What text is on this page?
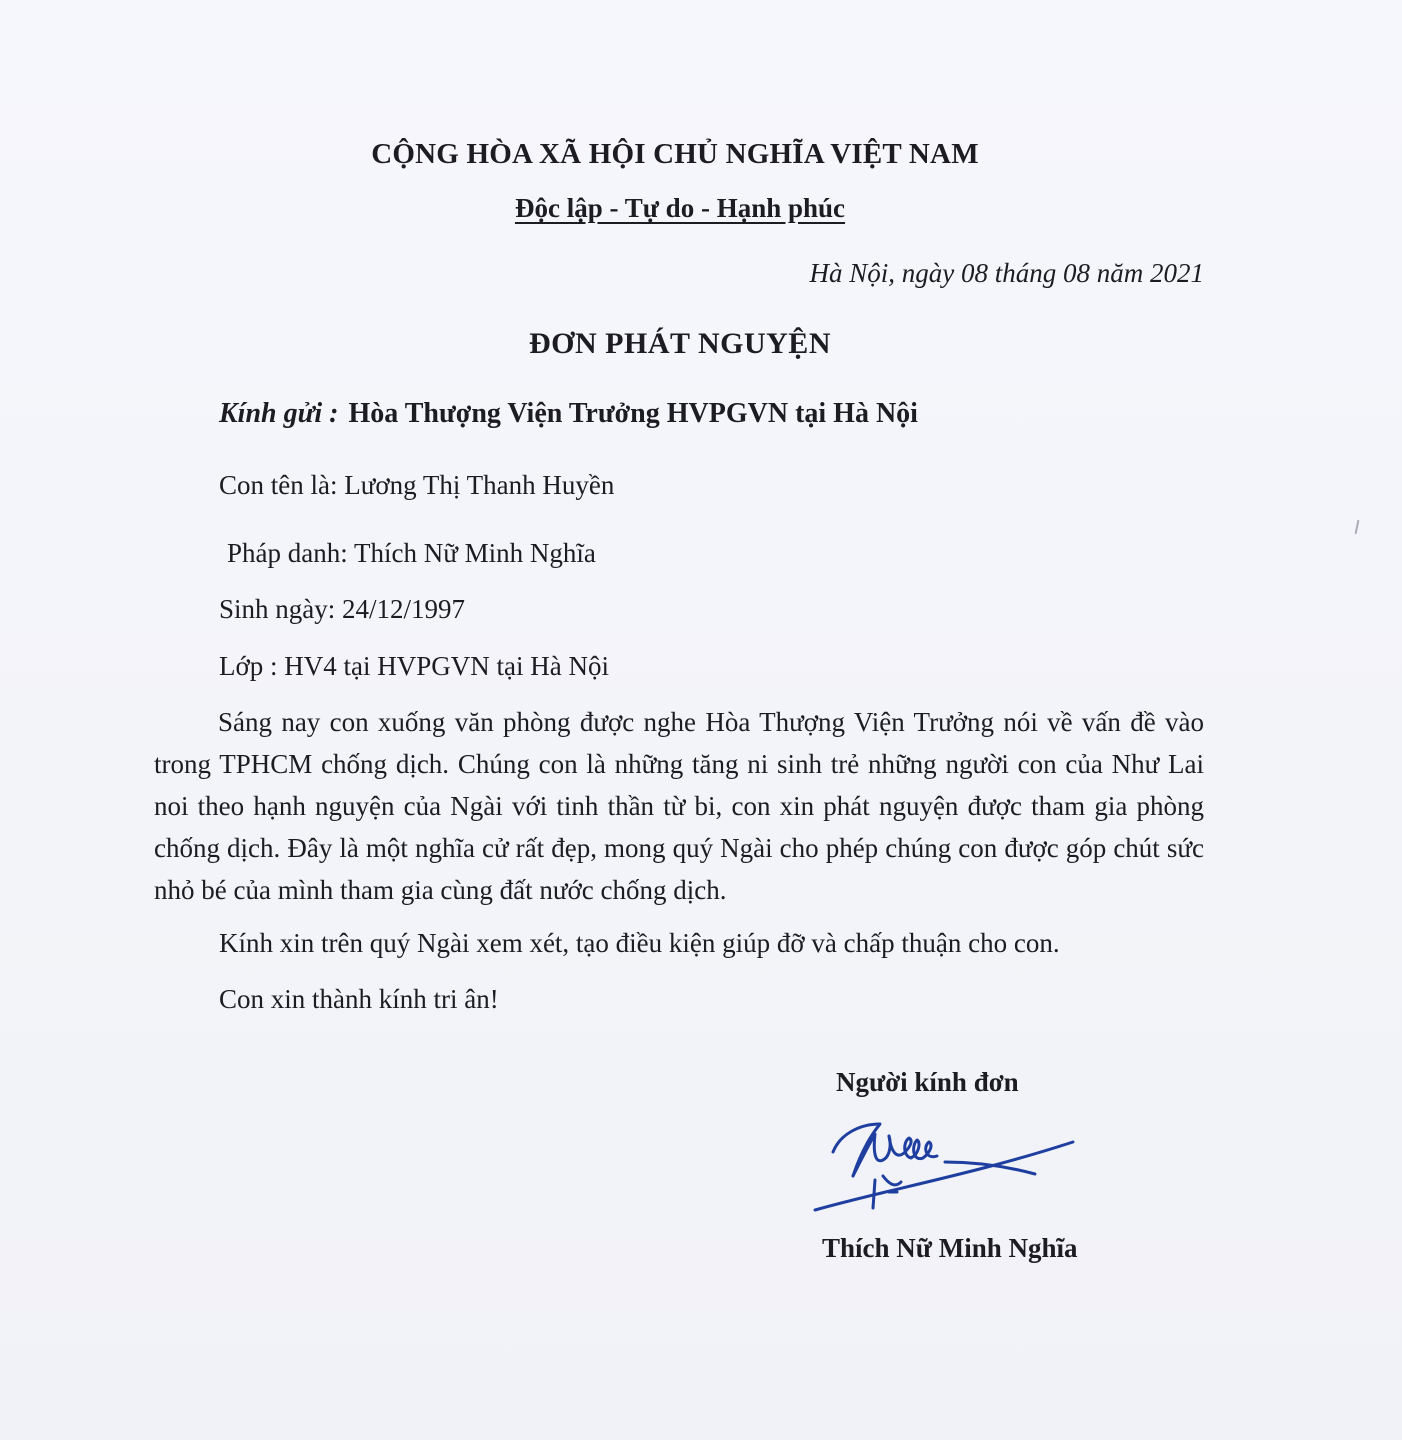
CỘNG HÒA XÃ HỘI CHỦ NGHĨA VIỆT NAM
Độc lập - Tự do - Hạnh phúc
Hà Nội, ngày 08 tháng 08 năm 2021
ĐƠN PHÁT NGUYỆN
Kính gửi : Hòa Thượng Viện Trưởng HVPGVN tại Hà Nội
Con tên là: Lương Thị Thanh Huyền
Pháp danh: Thích Nữ Minh Nghĩa
Sinh ngày: 24/12/1997
Lớp : HV4 tại HVPGVN tại Hà Nội

Sáng nay con xuống văn phòng được nghe Hòa Thượng Viện Trưởng nói về vấn đề vào trong TPHCM chống dịch. Chúng con là những tăng ni sinh trẻ những người con của Như Lai noi theo hạnh nguyện của Ngài với tinh thần từ bi, con xin phát nguyện được tham gia phòng chống dịch. Đây là một nghĩa cử rất đẹp, mong quý Ngài cho phép chúng con được góp chút sức nhỏ bé của mình tham gia cùng đất nước chống dịch.

Kính xin trên quý Ngài xem xét, tạo điều kiện giúp đỡ và chấp thuận cho con.
Con xin thành kính tri ân!
Người kính đơn
Thích Nữ Minh Nghĩa
